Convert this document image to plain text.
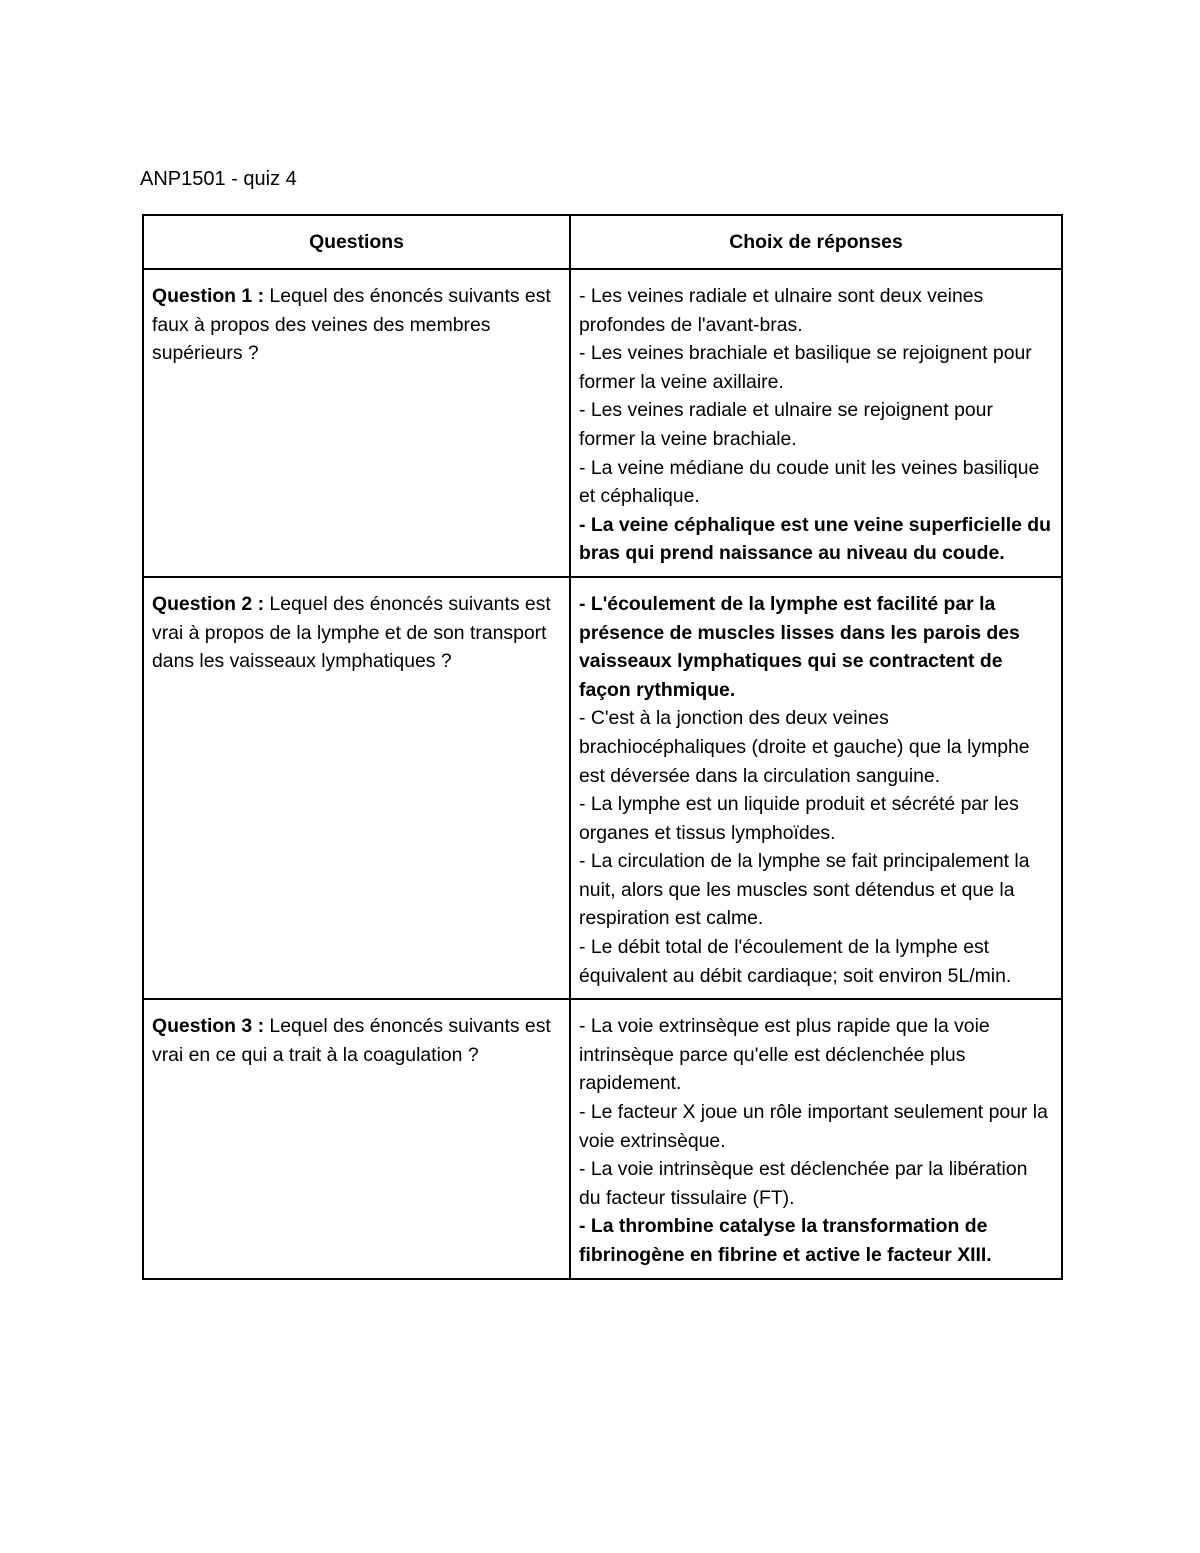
ANP1501 - quiz 4
Questions	Choix de réponses
Question 1 : Lequel des énoncés suivants est faux à propos des veines des membres supérieurs ?	- Les veines radiale et ulnaire sont deux veines profondes de l'avant-bras.
- Les veines brachiale et basilique se rejoignent pour former la veine axillaire.
- Les veines radiale et ulnaire se rejoignent pour former la veine brachiale.
- La veine médiane du coude unit les veines basilique et céphalique.
- La veine céphalique est une veine superficielle du bras qui prend naissance au niveau du coude.

Question 2 : Lequel des énoncés suivants est vrai à propos de la lymphe et de son transport dans les vaisseaux lymphatiques ?	- L'écoulement de la lymphe est facilité par la présence de muscles lisses dans les parois des vaisseaux lymphatiques qui se contractent de façon rythmique.
- C'est à la jonction des deux veines brachiocéphaliques (droite et gauche) que la lymphe est déversée dans la circulation sanguine.
- La lymphe est un liquide produit et sécrété par les organes et tissus lymphoïdes.
- La circulation de la lymphe se fait principalement la nuit, alors que les muscles sont détendus et que la respiration est calme.
- Le débit total de l'écoulement de la lymphe est équivalent au débit cardiaque; soit environ 5L/min.

Question 3 : Lequel des énoncés suivants est vrai en ce qui a trait à la coagulation ?	- La voie extrinsèque est plus rapide que la voie intrinsèque parce qu'elle est déclenchée plus rapidement.
- Le facteur X joue un rôle important seulement pour la voie extrinsèque.
- La voie intrinsèque est déclenchée par la libération du facteur tissulaire (FT).
- La thrombine catalyse la transformation de fibrinogène en fibrine et active le facteur XIII.
